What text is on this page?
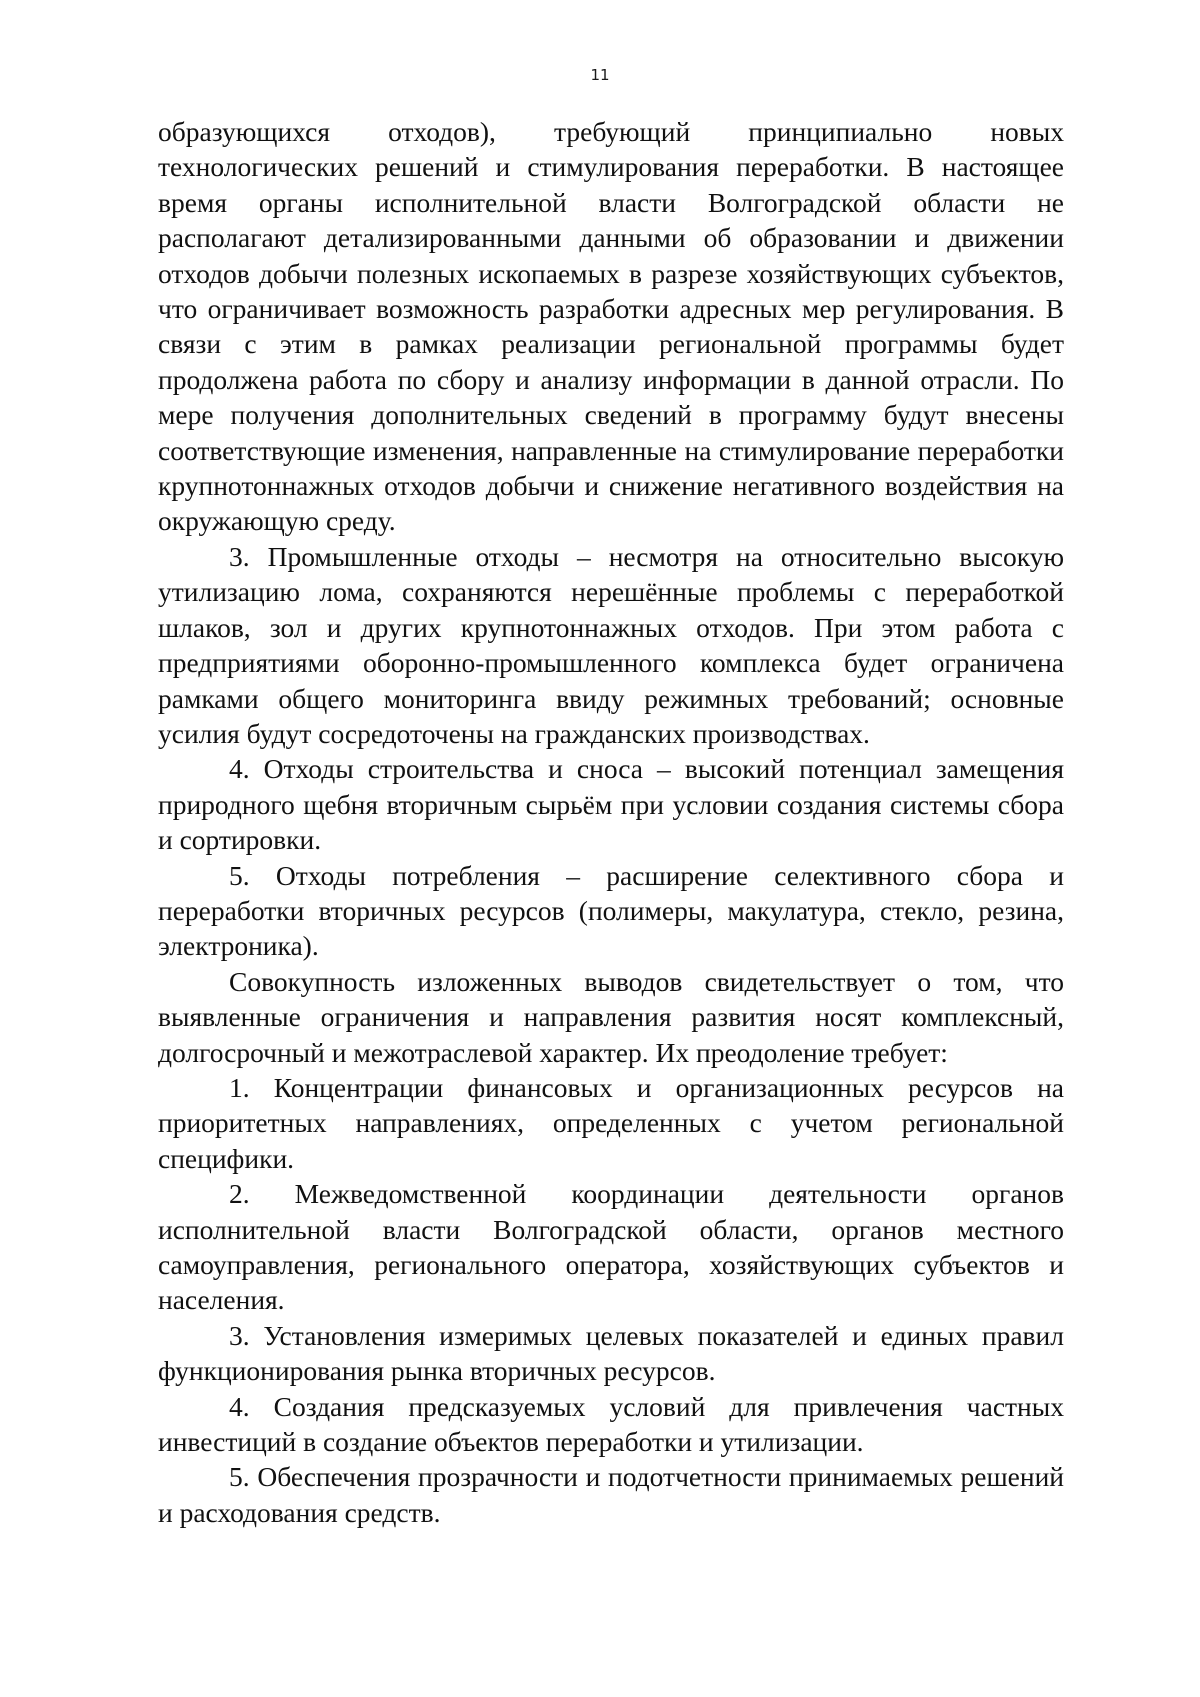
11

образующихся отходов), требующий принципиально новых технологических решений и стимулирования переработки. В настоящее время органы исполнительной власти Волгоградской области не располагают детализированными данными об образовании и движении отходов добычи полезных ископаемых в разрезе хозяйствующих субъектов, что ограничивает возможность разработки адресных мер регулирования. В связи с этим в рамках реализации региональной программы будет продолжена работа по сбору и анализу информации в данной отрасли. По мере получения дополнительных сведений в программу будут внесены соответствующие изменения, направленные на стимулирование переработки крупнотоннажных отходов добычи и снижение негативного воздействия на окружающую среду.

3. Промышленные отходы – несмотря на относительно высокую утилизацию лома, сохраняются нерешённые проблемы с переработкой шлаков, зол и других крупнотоннажных отходов. При этом работа с предприятиями оборонно-промышленного комплекса будет ограничена рамками общего мониторинга ввиду режимных требований; основные усилия будут сосредоточены на гражданских производствах.

4. Отходы строительства и сноса – высокий потенциал замещения природного щебня вторичным сырьём при условии создания системы сбора и сортировки.

5. Отходы потребления – расширение селективного сбора и переработки вторичных ресурсов (полимеры, макулатура, стекло, резина, электроника).

Совокупность изложенных выводов свидетельствует о том, что выявленные ограничения и направления развития носят комплексный, долгосрочный и межотраслевой характер. Их преодоление требует:

1. Концентрации финансовых и организационных ресурсов на приоритетных направлениях, определенных с учетом региональной специфики.

2. Межведомственной координации деятельности органов исполнительной власти Волгоградской области, органов местного самоуправления, регионального оператора, хозяйствующих субъектов и населения.

3. Установления измеримых целевых показателей и единых правил функционирования рынка вторичных ресурсов.

4. Создания предсказуемых условий для привлечения частных инвестиций в создание объектов переработки и утилизации.

5. Обеспечения прозрачности и подотчетности принимаемых решений и расходования средств.
